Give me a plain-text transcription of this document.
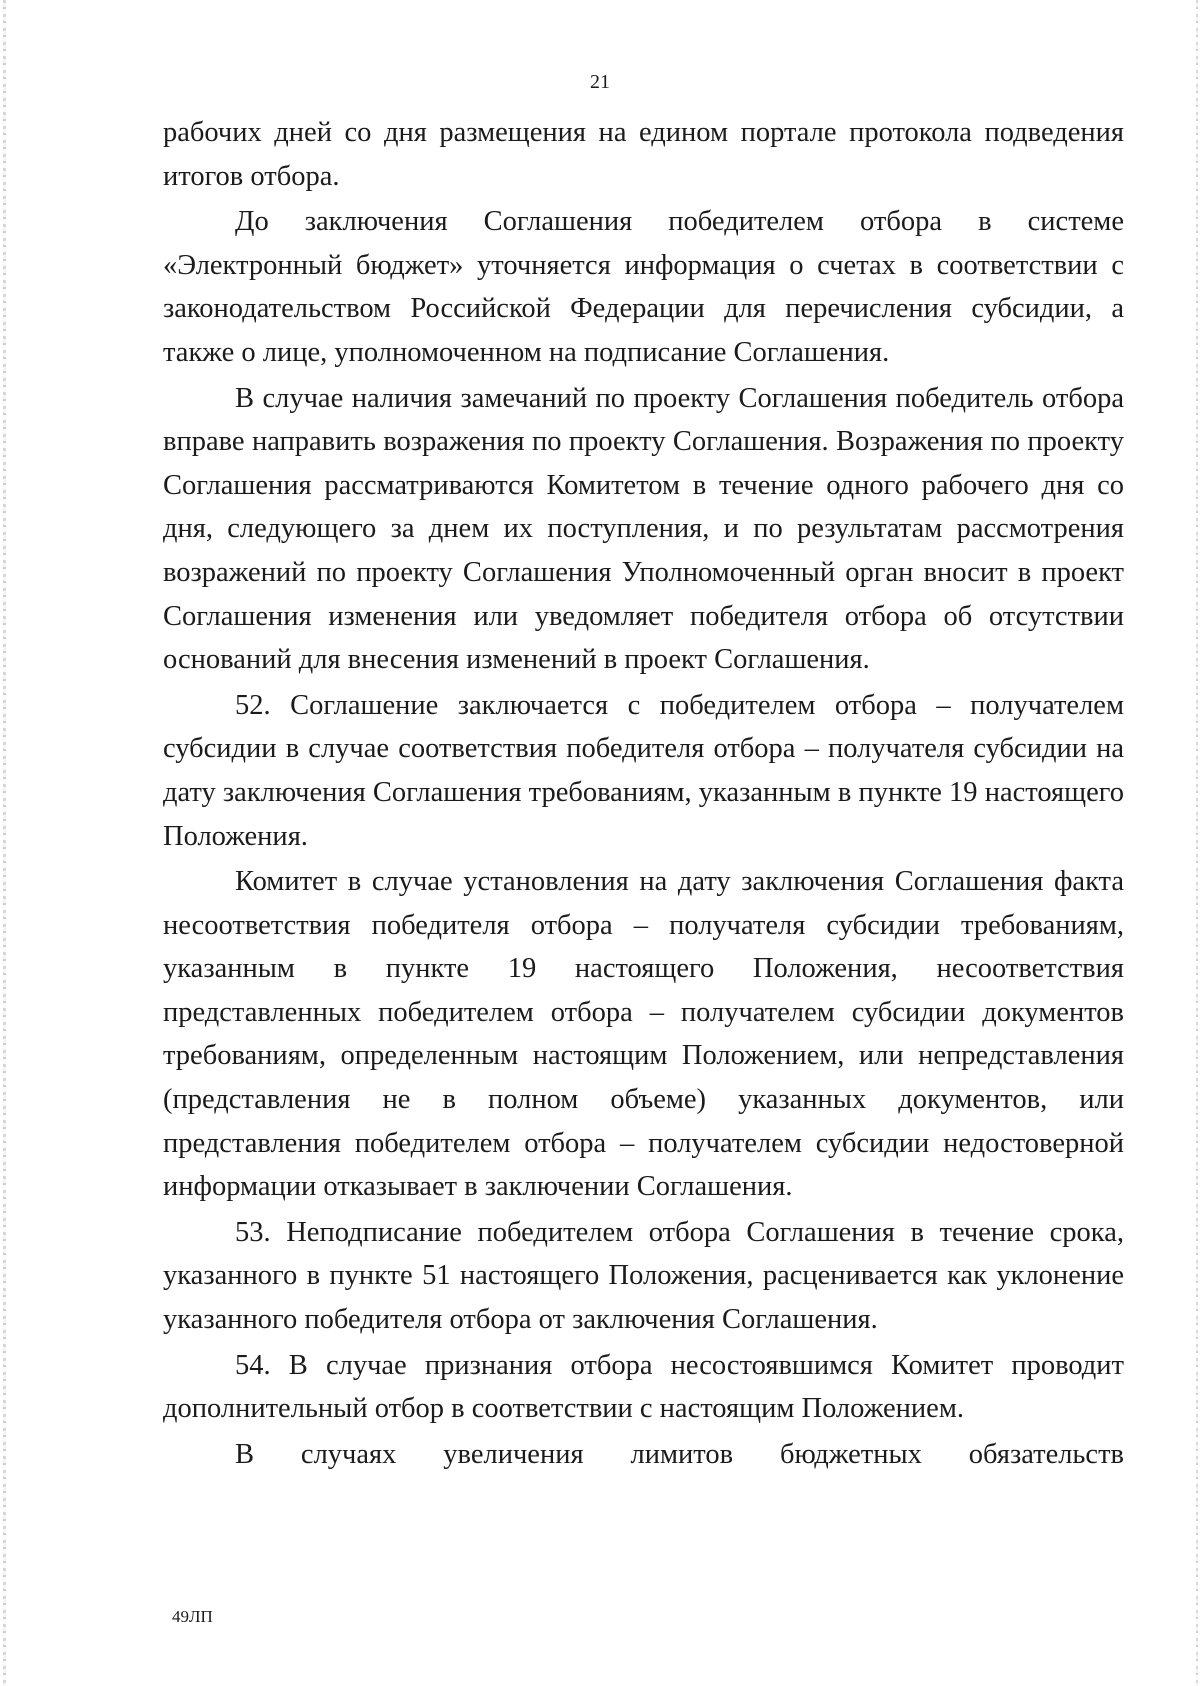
21

рабочих дней со дня размещения на едином портале протокола подведения итогов отбора.

До заключения Соглашения победителем отбора в системе «Электронный бюджет» уточняется информация о счетах в соответствии с законодательством Российской Федерации для перечисления субсидии, а также о лице, уполномоченном на подписание Соглашения.

В случае наличия замечаний по проекту Соглашения победитель отбора вправе направить возражения по проекту Соглашения. Возражения по проекту Соглашения рассматриваются Комитетом в течение одного рабочего дня со дня, следующего за днем их поступления, и по результатам рассмотрения возражений по проекту Соглашения Уполномоченный орган вносит в проект Соглашения изменения или уведомляет победителя отбора об отсутствии оснований для внесения изменений в проект Соглашения.

52. Соглашение заключается с победителем отбора – получателем субсидии в случае соответствия победителя отбора – получателя субсидии на дату заключения Соглашения требованиям, указанным в пункте 19 настоящего Положения.

Комитет в случае установления на дату заключения Соглашения факта несоответствия победителя отбора – получателя субсидии требованиям, указанным в пункте 19 настоящего Положения, несоответствия представленных победителем отбора – получателем субсидии документов требованиям, определенным настоящим Положением, или непредставления (представления не в полном объеме) указанных документов, или представления победителем отбора – получателем субсидии недостоверной информации отказывает в заключении Соглашения.

53. Неподписание победителем отбора Соглашения в течение срока, указанного в пункте 51 настоящего Положения, расценивается как уклонение указанного победителя отбора от заключения Соглашения.

54. В случае признания отбора несостоявшимся Комитет проводит дополнительный отбор в соответствии с настоящим Положением.

В случаях увеличения лимитов бюджетных обязательств

49ЛП
